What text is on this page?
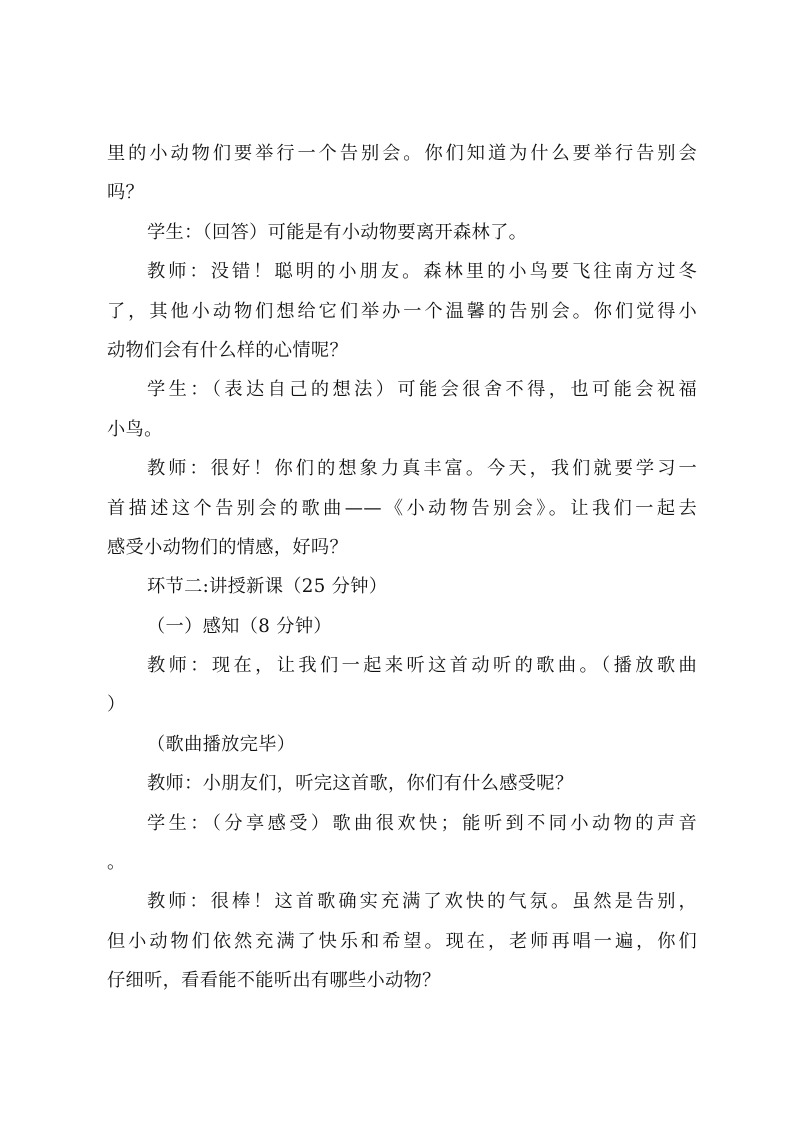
里的小动物们要举行一个告别会。你们知道为什么要举行告别会
吗？
学生：（回答）可能是有小动物要离开森林了。
教师：没错！聪明的小朋友。森林里的小鸟要飞往南方过冬
了，其他小动物们想给它们举办一个温馨的告别会。你们觉得小
动物们会有什么样的心情呢？
学生：（表达自己的想法）可能会很舍不得，也可能会祝福
小鸟。
教师：很好！你们的想象力真丰富。今天，我们就要学习一
首描述这个告别会的歌曲——《小动物告别会》。让我们一起去
感受小动物们的情感，好吗？
环节二:讲授新课（25 分钟）
（一）感知（8 分钟）
教师：现在，让我们一起来听这首动听的歌曲。（播放歌曲
）
（歌曲播放完毕）
教师：小朋友们，听完这首歌，你们有什么感受呢？
学生：（分享感受）歌曲很欢快；能听到不同小动物的声音
。
教师：很棒！这首歌确实充满了欢快的气氛。虽然是告别，
但小动物们依然充满了快乐和希望。现在，老师再唱一遍，你们
仔细听，看看能不能听出有哪些小动物？
